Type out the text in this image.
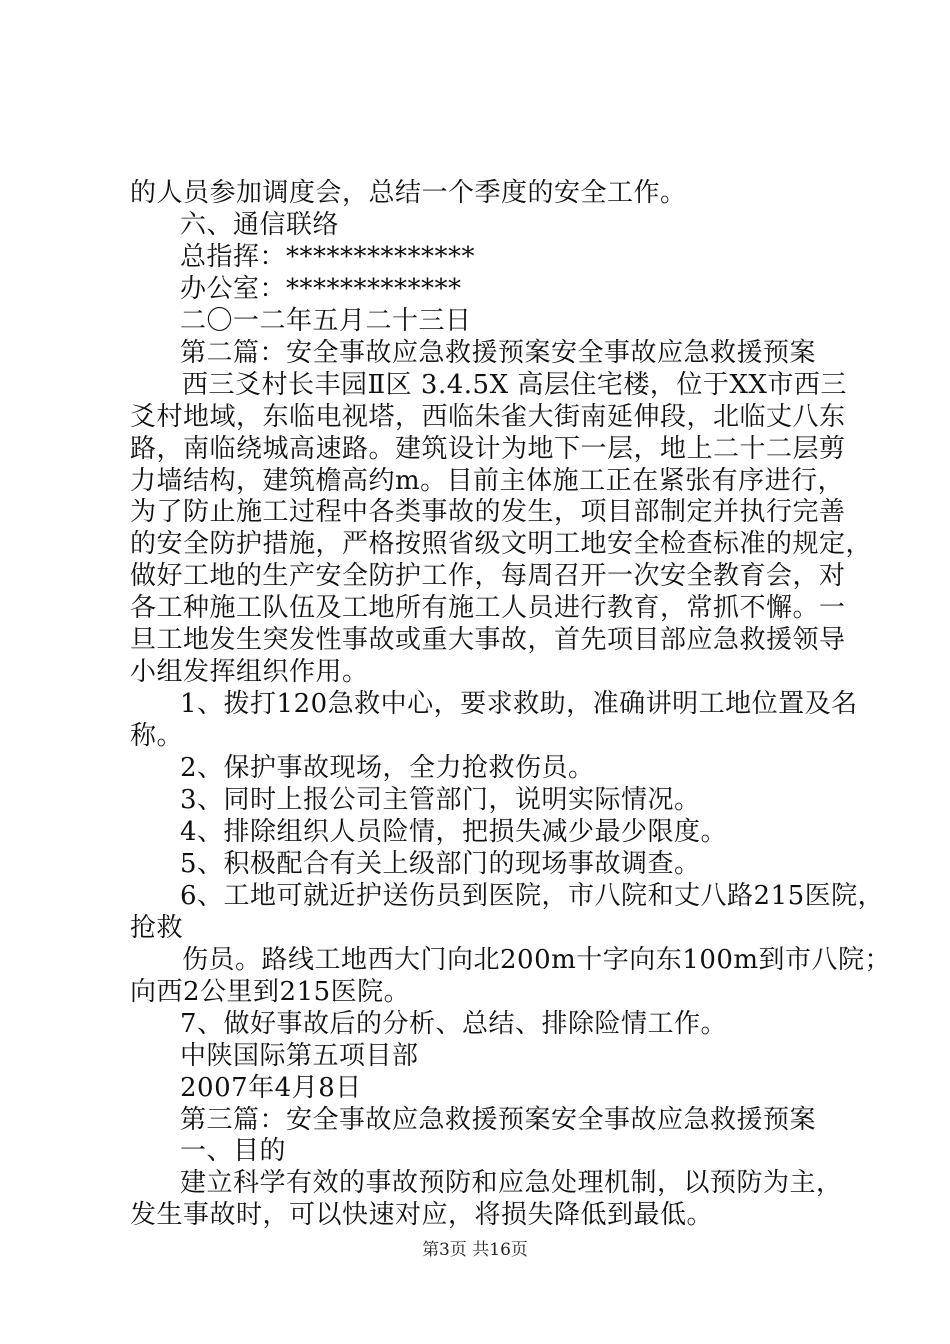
的人员参加调度会，总结一个季度的安全工作。
六、通信联络
总指挥：**************
办公室：*************
二〇一二年五月二十三日
第二篇：安全事故应急救援预案安全事故应急救援预案
西三爻村长丰园Ⅱ区 3.4.5X 高层住宅楼，位于XX市西三
爻村地域，东临电视塔，西临朱雀大街南延伸段，北临丈八东
路，南临绕城高速路。建筑设计为地下一层，地上二十二层剪
力墙结构，建筑檐高约m。目前主体施工正在紧张有序进行，
为了防止施工过程中各类事故的发生，项目部制定并执行完善
的安全防护措施，严格按照省级文明工地安全检查标准的规定，
做好工地的生产安全防护工作，每周召开一次安全教育会，对
各工种施工队伍及工地所有施工人员进行教育，常抓不懈。一
旦工地发生突发性事故或重大事故，首先项目部应急救援领导
小组发挥组织作用。
1、拨打120急救中心，要求救助，准确讲明工地位置及名
称。
2、保护事故现场，全力抢救伤员。
3、同时上报公司主管部门，说明实际情况。
4、排除组织人员险情，把损失减少最少限度。
5、积极配合有关上级部门的现场事故调查。
6、工地可就近护送伤员到医院，市八院和丈八路215医院，
抢救
伤员。路线工地西大门向北200m十字向东100m到市八院；
向西2公里到215医院。
7、做好事故后的分析、总结、排除险情工作。
中陕国际第五项目部
2007年4月8日
第三篇：安全事故应急救援预案安全事故应急救援预案
一、目的
建立科学有效的事故预防和应急处理机制，以预防为主，
发生事故时，可以快速对应，将损失降低到最低。
第3页 共16页
